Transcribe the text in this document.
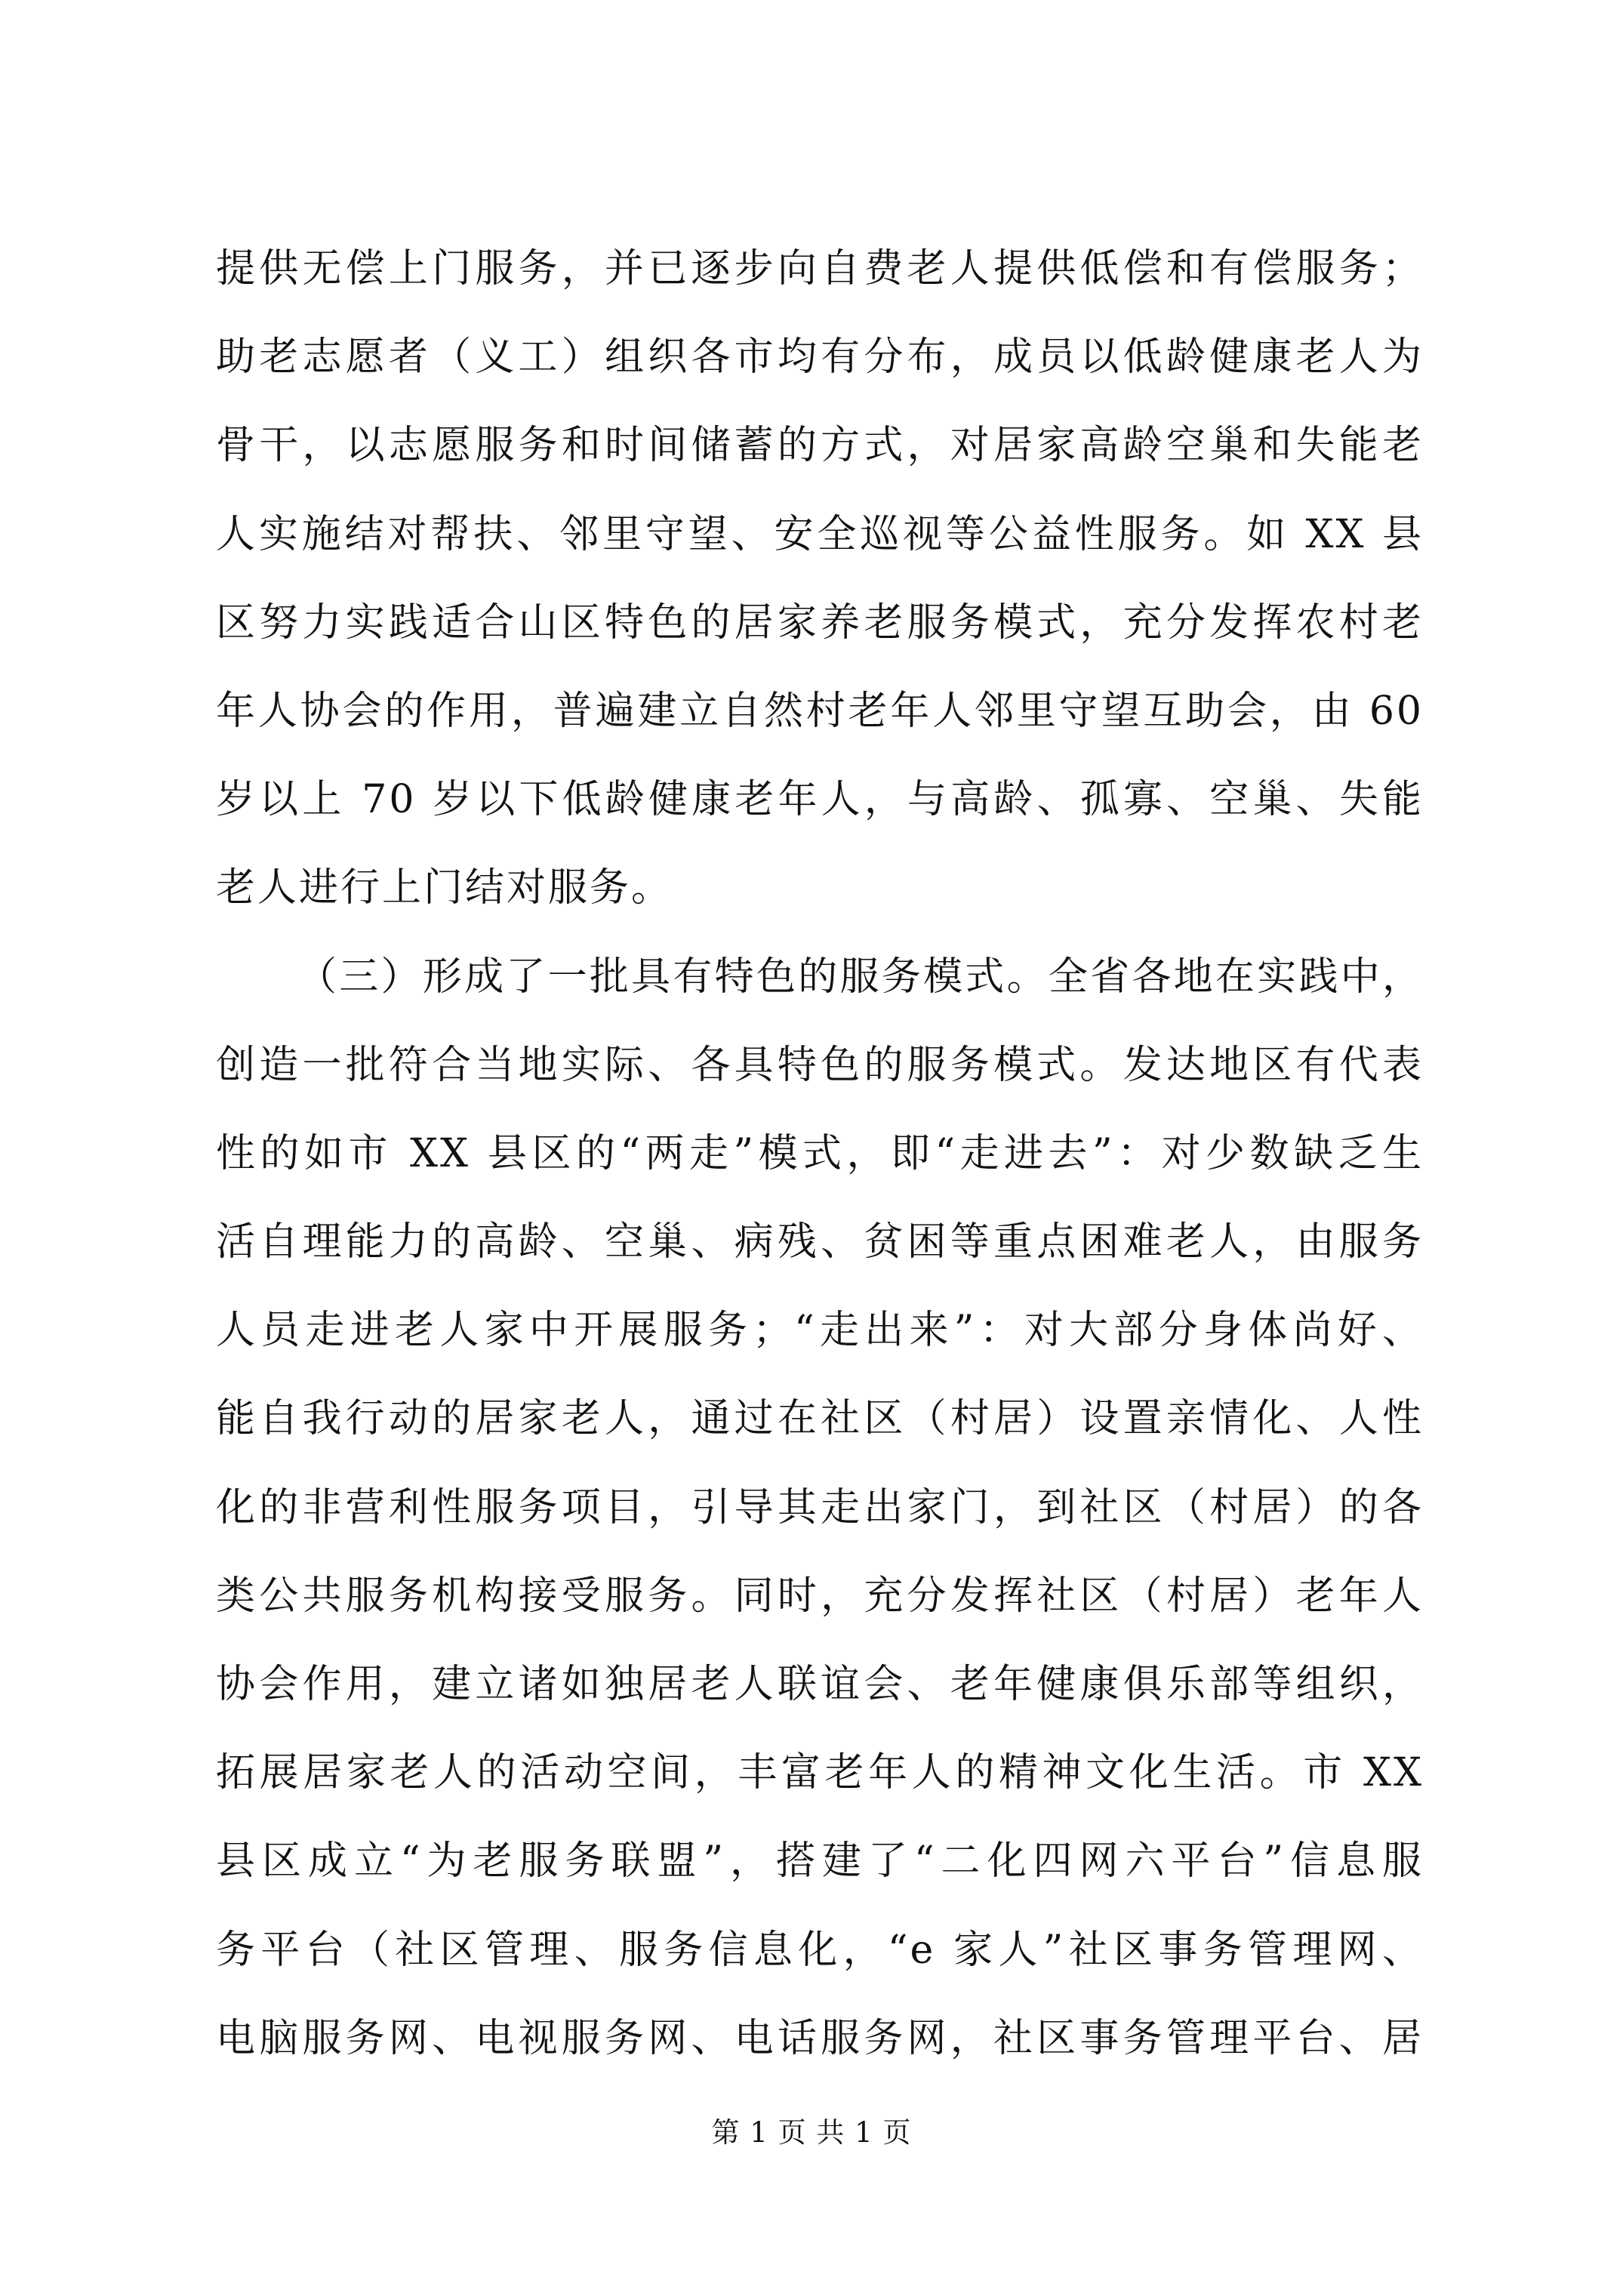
提供无偿上门服务，并已逐步向自费老人提供低偿和有偿服务；
助老志愿者（义工）组织各市均有分布，成员以低龄健康老人为
骨干，以志愿服务和时间储蓄的方式，对居家高龄空巢和失能老
人实施结对帮扶、邻里守望、安全巡视等公益性服务。如 XX 县
区努力实践适合山区特色的居家养老服务模式，充分发挥农村老
年人协会的作用，普遍建立自然村老年人邻里守望互助会，由 60
岁以上 70 岁以下低龄健康老年人，与高龄、孤寡、空巢、失能
老人进行上门结对服务。
（三）形成了一批具有特色的服务模式。全省各地在实践中，
创造一批符合当地实际、各具特色的服务模式。发达地区有代表
性的如市 XX 县区的“两走”模式，即“走进去”：对少数缺乏生
活自理能力的高龄、空巢、病残、贫困等重点困难老人，由服务
人员走进老人家中开展服务；“走出来”：对大部分身体尚好、
能自我行动的居家老人，通过在社区（村居）设置亲情化、人性
化的非营利性服务项目，引导其走出家门，到社区（村居）的各
类公共服务机构接受服务。同时，充分发挥社区（村居）老年人
协会作用，建立诸如独居老人联谊会、老年健康俱乐部等组织，
拓展居家老人的活动空间，丰富老年人的精神文化生活。市 XX
县区成立“为老服务联盟”，搭建了“二化四网六平台”信息服
务平台（社区管理、服务信息化，“e 家人”社区事务管理网、
电脑服务网、电视服务网、电话服务网，社区事务管理平台、居
第 1 页 共 1 页
